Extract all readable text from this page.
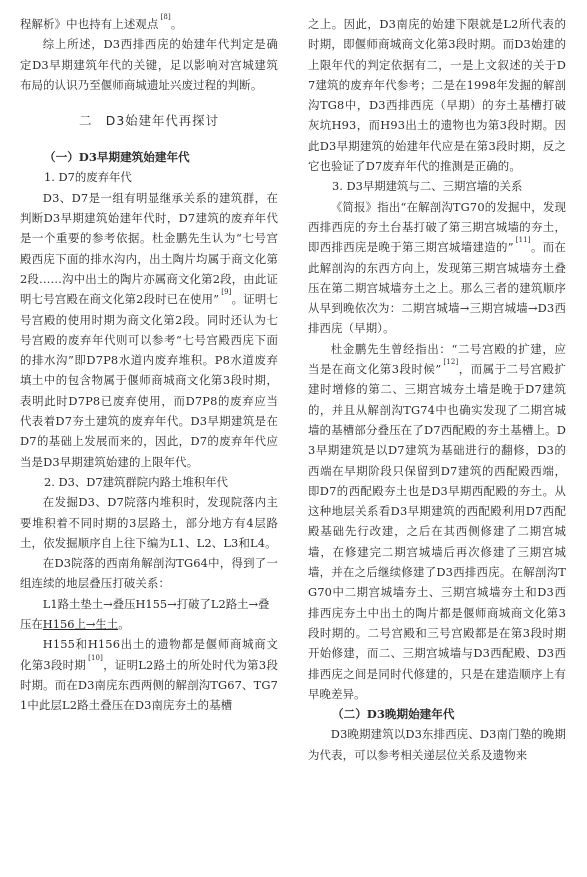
程解析》中也持有上述观点 [8]。

综上所述，D3西排西庑的始建年代判定是确定D3早期建筑年代的关键，足以影响对宫城建筑布局的认识乃至偃师商城遗址兴废过程的判断。

二　D3始建年代再探讨

（一）D3早期建筑始建年代

1. D7的废弃年代

D3、D7是一组有明显继承关系的建筑群，在判断D3早期建筑始建年代时，D7建筑的废弃年代是一个重要的参考依据。杜金鹏先生认为“七号宫殿西庑下面的排水沟内，出土陶片均属于商文化第2段……沟中出土的陶片亦属商文化第2段，由此证明七号宫殿在商文化第2段时已在使用” [9]。证明七号宫殿的使用时期为商文化第2段。同时还认为七号宫殿的废弃年代则可以参考“七号宫殿西庑下面的排水沟”即D7P8水道内废弃堆积。P8水道废弃填土中的包含物属于偃师商城商文化第3段时期，表明此时D7P8已废弃使用，而D7P8的废弃应当代表着D7夯土建筑的废弃年代。D3早期建筑是在D7的基础上发展而来的，因此，D7的废弃年代应当是D3早期建筑始建的上限年代。

2. D3、D7建筑群院内路土堆积年代

在发掘D3、D7院落内堆积时，发现院落内主要堆积着不同时期的3层路土，部分地方有4层路土，依发掘顺序自上往下编为L1、L2、L3和L4。

在D3院落的西南角解剖沟TG64中，得到了一组连续的地层叠压打破关系：

L1路土垫土→叠压H155→打破了L2路土→叠压在H156上→生土。

H155和H156出土的遗物都是偃师商城商文化第3段时期 [10]，证明L2路土的所处时代为第3段时期。而在D3南庑东西两侧的解剖沟TG67、TG71中此层L2路土叠压在D3南庑夯土的基槽

之上。因此，D3南庑的始建下限就是L2所代表的时期，即偃师商城商文化第3段时期。而D3始建的上限年代的判定依据有二，一是上文叙述的关于D7建筑的废弃年代参考；二是在1998年发掘的解剖沟TG8中，D3西排西庑（早期）的夯土基槽打破灰坑H93，而H93出土的遗物也为第3段时期。因此D3早期建筑的始建年代应是在第3段时期，反之它也验证了D7废弃年代的推测是正确的。

3. D3早期建筑与二、三期宫墙的关系

《简报》指出“在解剖沟TG70的发掘中，发现西排西庑的夯土台基打破了第三期宫城墙的夯土，即西排西庑是晚于第三期宫城墙建造的” [11]。而在此解剖沟的东西方向上，发现第三期宫城墙夯土叠压在第二期宫城墙夯土之上。那么三者的建筑顺序从早到晚依次为：二期宫城墙→三期宫城墙→D3西排西庑（早期）。

杜金鹏先生曾经指出：“二号宫殿的扩建，应当是在商文化第3段时候” [12]，而属于二号宫殿扩建时增修的第二、三期宫城夯土墙是晚于D7建筑的，并且从解剖沟TG74中也确实发现了二期宫城墙的基槽部分叠压在了D7西配殿的夯土基槽上。D3早期建筑是以D7建筑为基础进行的翻修，D3的西端在早期阶段只保留到D7建筑的西配殿西端，即D7的西配殿夯土也是D3早期西配殿的夯土。从这种地层关系看D3早期建筑的西配殿利用D7西配殿基础先行改建，之后在其西侧修建了二期宫城墙，在修建完二期宫城墙后再次修建了三期宫城墙，并在之后继续修建了D3西排西庑。在解剖沟TG70中二期宫城墙夯土、三期宫城墙夯土和D3西排西庑夯土中出土的陶片都是偃师商城商文化第3段时期的。二号宫殿和三号宫殿都是在第3段时期开始修建，而二、三期宫城墙与D3西配殿、D3西排西庑之间是同时代修建的，只是在建造顺序上有早晚差异。

（二）D3晚期始建年代

D3晚期建筑以D3东排西庑、D3南门塾的晚期为代表，可以参考相关递层位关系及遗物来
